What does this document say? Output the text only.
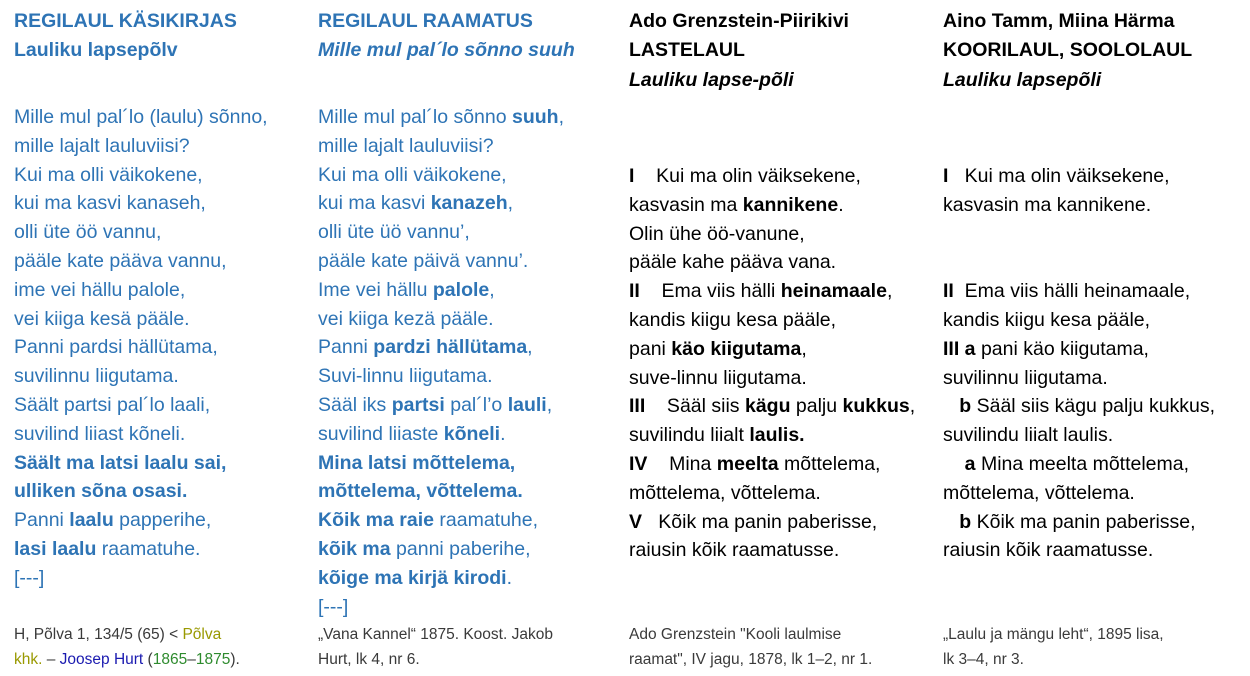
REGILAUL KÄSIKIRJAS
Lauliku lapsepõlv
Mille mul pal´lo (laulu) sõnno,
mille lajalt lauluviisi?
Kui ma olli väikokene,
kui ma kasvi kanaseh,
olli üte öö vannu,
pääle kate pääva vannu,
ime vei hällu palole,
vei kiiga kesä pääle.
Panni pardsi hällütama,
suvilinnu liigutama.
Säält partsi pal´lo laali,
suvilind liiast kõneli.
Säält ma latsi laalu sai,
ulliken sõna osasi.
Panni laalu papperihe,
lasi laalu raamatuhe.
[---]
H, Põlva 1, 134/5 (65) < Põlva
khk. – Joosep Hurt (1865–1875).
REGILAUL RAAMATUS
Mille mul pal´lo sõnno suuh
Mille mul pal´lo sõnno suuh,
mille lajalt lauluviisi?
Kui ma olli väikokene,
kui ma kasvi kanazeh,
olli üte üö vannu’,
pääle kate päivä vannu’.
Ime vei hällu palole,
vei kiiga kezä pääle.
Panni pardzi hällütama,
Suvi-linnu liigutama.
Sääl iks partsi pal´l’o lauli,
suvilind liiaste kõneli.
Mina latsi mõttelema,
mõttelema, võttelema.
Kõik ma raie raamatuhe,
kõik ma panni paberihe,
kõige ma kirjä kirodi.
[---]
„Vana Kannel“ 1875. Koost. Jakob
Hurt, lk 4, nr 6.
Ado Grenzstein-Piirikivi
LASTELAUL
Lauliku lapse-põli
I    Kui ma olin väiksekene,
kasvasin ma kannikene.
Olin ühe öö-vanune,
pääle kahe pääva vana.
II    Ema viis hälli heinamaale,
kandis kiigu kesa pääle,
pani käo kiigutama,
suve-linnu liigutama.
III    Sääl siis kägu palju kukkus,
suvilindu liialt laulis.
IV    Mina meelta mõttelema,
mõttelema, võttelema.
V   Kõik ma panin paberisse,
raiusin kõik raamatusse.
Ado Grenzstein "Kooli laulmise
raamat", IV jagu, 1878, lk 1–2, nr 1.
Aino Tamm, Miina Härma
KOORILAUL, SOOLOLAUL
Lauliku lapsepõli
I   Kui ma olin väiksekene,
kasvasin ma kannikene.
II  Ema viis hälli heinamaale,
kandis kiigu kesa pääle,
III a pani käo kiigutama,
suvilinnu liigutama.
b Sääl siis kägu palju kukkus,
suvilindu liialt laulis.
a Mina meelta mõttelema,
mõttelema, võttelema.
b Kõik ma panin paberisse,
raiusin kõik raamatusse.
„Laulu ja mängu leht“, 1895 lisa,
lk 3–4, nr 3.
